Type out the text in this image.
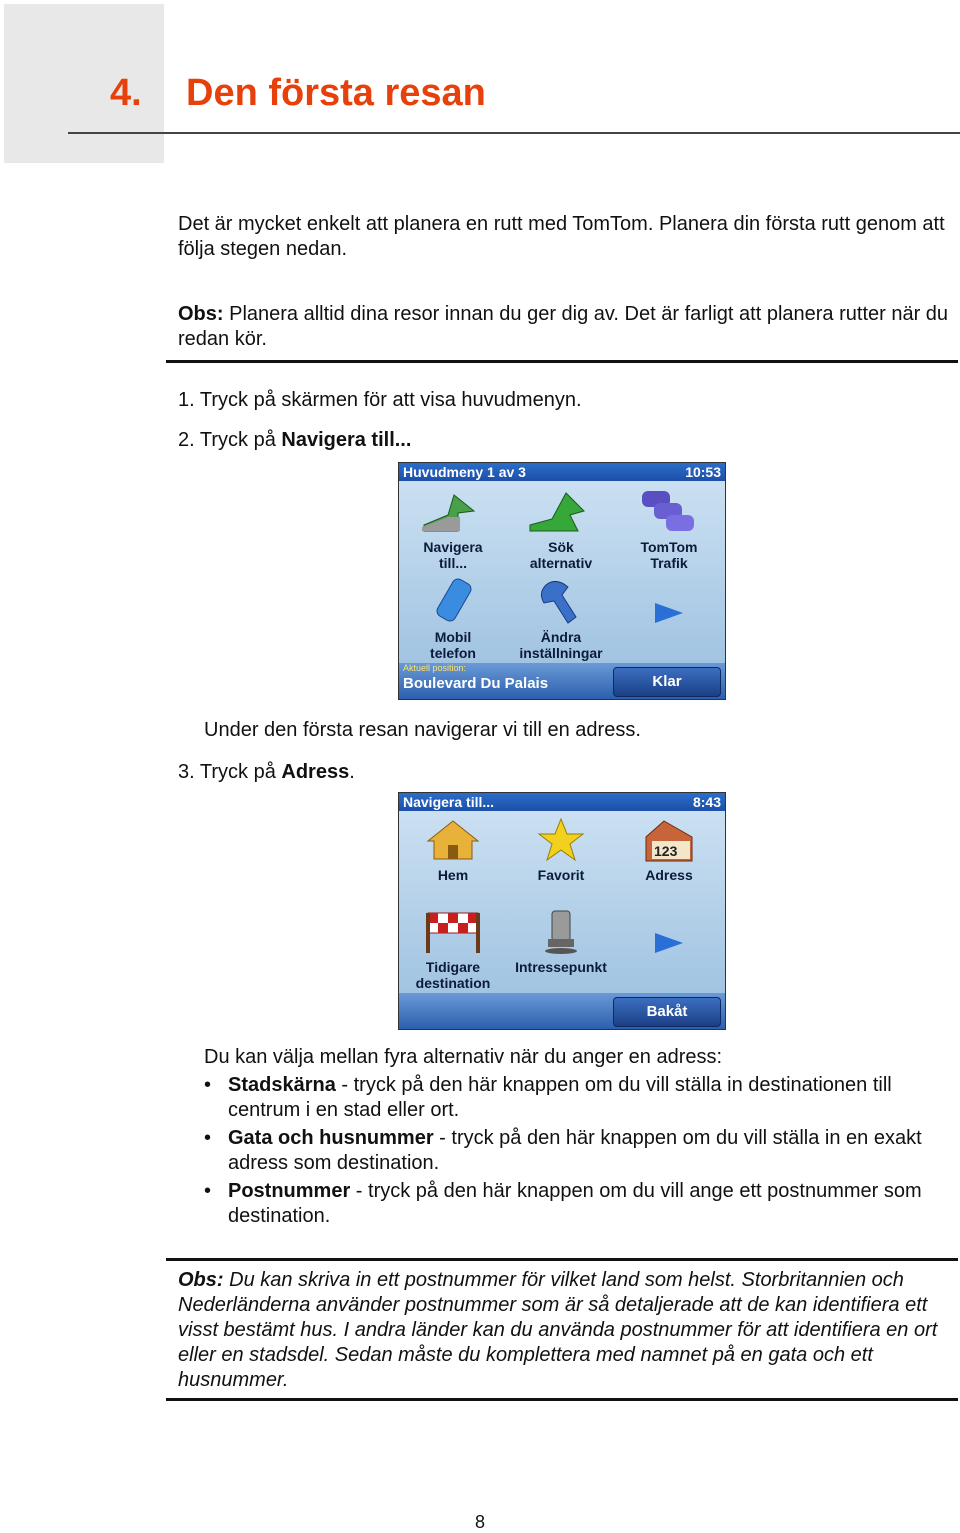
4. Den första resan
Det är mycket enkelt att planera en rutt med TomTom. Planera din första rutt genom att följa stegen nedan.
Obs: Planera alltid dina resor innan du ger dig av. Det är farligt att planera rutter när du redan kör.
1. Tryck på skärmen för att visa huvudmenyn.
2. Tryck på Navigera till...
Huvudmeny 1 av 3	10:53
Navigera
till...
Sök
alternativ
TomTom
Trafik
Mobil
telefon
Ändra
inställningar
Aktuell position:
Boulevard Du Palais	Klar
Under den första resan navigerar vi till en adress.
3. Tryck på Adress.
Navigera till...	8:43
Hem	Favorit
123
Adress
Tidigare
destination
Intressepunkt
Bakåt
Du kan välja mellan fyra alternativ när du anger en adress:
• Stadskärna - tryck på den här knappen om du vill ställa in destinationen till centrum i en stad eller ort.
• Gata och husnummer - tryck på den här knappen om du vill ställa in en exakt adress som destination.
• Postnummer - tryck på den här knappen om du vill ange ett postnummer som destination.
Obs: Du kan skriva in ett postnummer för vilket land som helst. Storbritannien och Nederländerna använder postnummer som är så detaljerade att de kan identifiera ett visst bestämt hus. I andra länder kan du använda postnummer för att identifiera en ort eller en stadsdel. Sedan måste du komplettera med namnet på en gata och ett husnummer.
8
